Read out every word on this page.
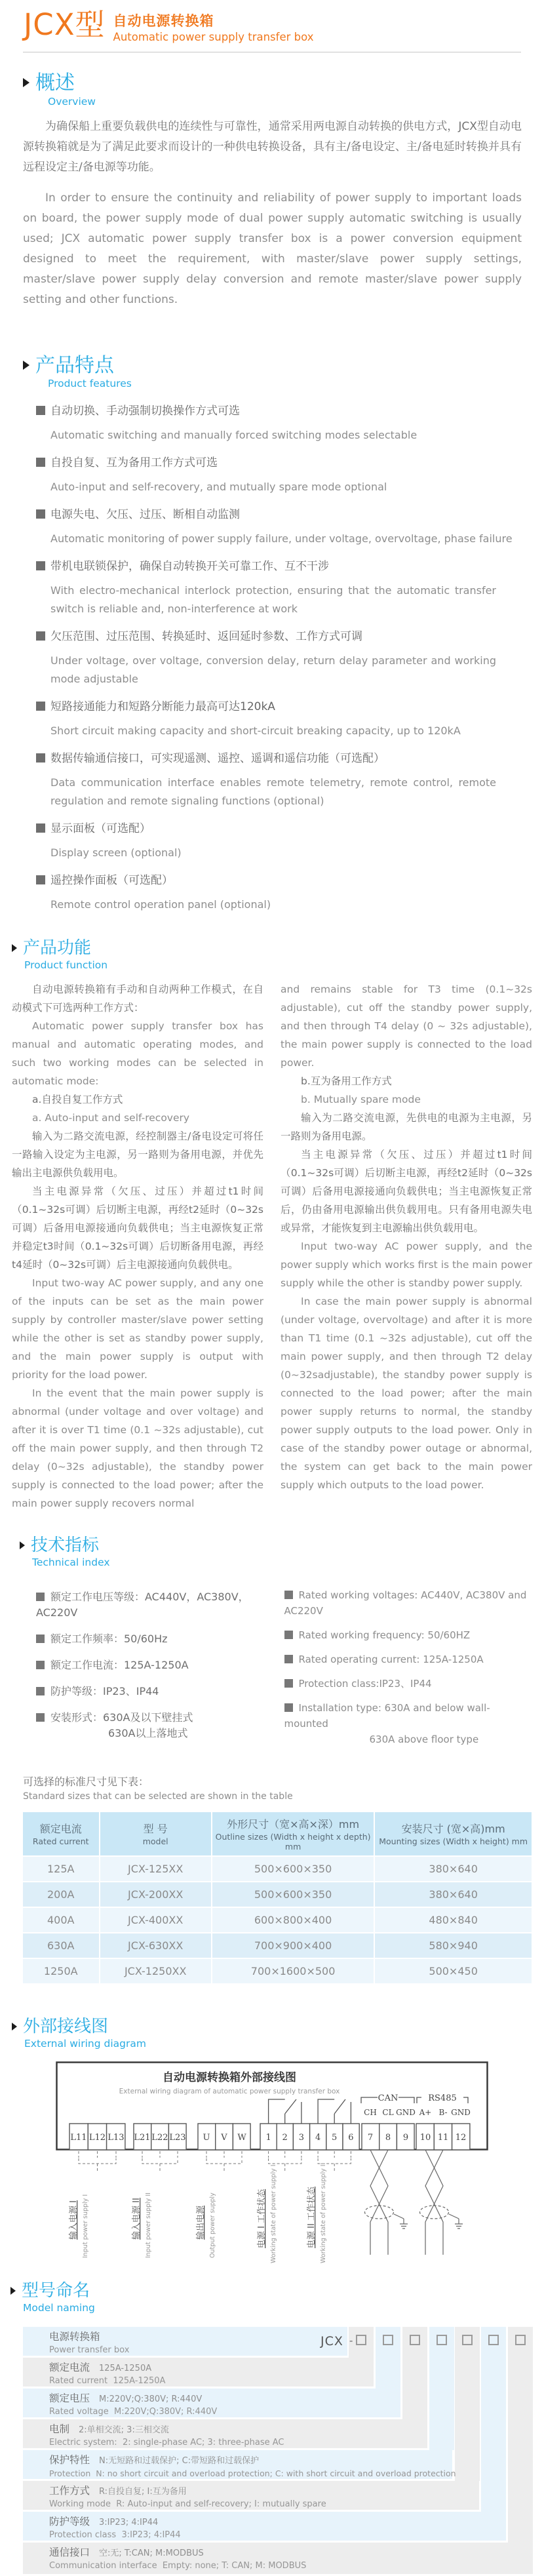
JCX型 自动电源转换箱
Automatic power supply transfer box
概述
Overview

为确保船上重要负载供电的连续性与可靠性，通常采用两电源自动转换的供电方式，JCX型自动电源转换箱就是为了满足此要求而设计的一种供电转换设备，具有主/备电设定、主/备电延时转换并具有远程设定主/备电源等功能。

In order to ensure the continuity and reliability of power supply to important loads on board, the power supply mode of dual power supply automatic switching is usually used; JCX automatic power supply transfer box is a power conversion equipment designed to meet the requirement, with master/slave power supply settings, master/slave power supply delay conversion and remote master/slave power supply setting and other functions.

产品特点
Product features
自动切换、手动强制切换操作方式可选
Automatic switching and manually forced switching modes selectable
自投自复、互为备用工作方式可选
Auto-input and self-recovery, and mutually spare mode optional
电源失电、欠压、过压、断相自动监测
Automatic monitoring of power supply failure, under voltage, overvoltage, phase failure
带机电联锁保护，确保自动转换开关可靠工作、互不干涉
With electro-mechanical interlock protection, ensuring that the automatic transfer switch is reliable and, non-interference at work
欠压范围、过压范围、转换延时、返回延时参数、工作方式可调
Under voltage, over voltage, conversion delay, return delay parameter and working mode adjustable
短路接通能力和短路分断能力最高可达120kA
Short circuit making capacity and short-circuit breaking capacity, up to 120kA
数据传输通信接口，可实现遥测、遥控、遥调和遥信功能（可选配）
Data communication interface enables remote telemetry, remote control, remote regulation and remote signaling functions (optional)
显示面板（可选配）
Display screen (optional)
遥控操作面板（可选配）
Remote control operation panel (optional)
产品功能
Product function

自动电源转换箱有手动和自动两种工作模式，在自动模式下可选两种工作方式：

Automatic power supply transfer box has manual and automatic operating modes, and such two working modes can be selected in automatic mode:

a.自投自复工作方式

a. Auto-input and self-recovery

输入为二路交流电源，经控制器主/备电设定可将任一路输入设定为主电源，另一路则为备用电源，并优先输出主电源供负载用电。

当主电源异常（欠压、过压）并超过t1时间（0.1~32s可调）后切断主电源，再经t2延时（0~32s可调）后备用电源接通向负载供电；当主电源恢复正常并稳定t3时间（0.1~32s可调）后切断备用电源，再经t4延时（0~32s可调）后主电源接通向负载供电。

Input two-way AC power supply, and any one of the inputs can be set as the main power supply by controller master/slave power setting while the other is set as standby power supply, and the main power supply is output with priority for the load power.

In the event that the main power supply is abnormal (under voltage and over voltage) and after it is over T1 time (0.1 ~32s adjustable), cut off the main power supply, and then through T2 delay (0~32s adjustable), the standby power supply is connected to the load power; after the main power supply recovers normal

and remains stable for T3 time (0.1~32s adjustable), cut off the standby power supply, and then through T4 delay (0 ~ 32s adjustable), the main power supply is connected to the load power.

b.互为备用工作方式

b. Mutually spare mode

输入为二路交流电源，先供电的电源为主电源，另一路则为备用电源。

当主电源异常（欠压、过压）并超过t1时间（0.1~32s可调）后切断主电源，再经t2延时（0~32s可调）后备用电源接通向负载供电；当主电源恢复正常后，仍由备用电源输出供负载用电。只有备用电源失电或异常，才能恢复到主电源输出供负载用电。

Input two-way AC power supply, and the power supply which works first is the main power supply while the other is standby power supply.

In case the main power supply is abnormal (under voltage, overvoltage) and after it is more than T1 time (0.1 ~32s adjustable), cut off the main power supply, and then through T2 delay (0~32sadjustable), the standby power supply is connected to the load power; after the main power supply returns to normal, the standby power supply outputs to the load power. Only in case of the standby power outage or abnormal, the system can get back to the main power supply which outputs to the load power.

技术指标
Technical index
额定工作电压等级：AC440V，AC380V，AC220V
额定工作频率：50/60Hz
额定工作电流：125A-1250A
防护等级：IP23、IP44
安装形式：630A及以下壁挂式
630A以上落地式
Rated working voltages: AC440V, AC380V and AC220V
Rated working frequency: 50/60HZ
Rated operating current: 125A-1250A
Protection class:IP23、IP44
Installation type: 630A and below wall-mounted
630A above floor type
可选择的标准尺寸见下表：
Standard sizes that can be selected are shown in the table
额定电流
Rated current

型 号
model

外形尺寸（宽×高×深）mm
Outline sizes (Width x height x depth) mm

安装尺寸 (宽×高)mm
Mounting sizes (Width x height) mm

125A	JCX-125XX	500×600×350	380×640
200A	JCX-200XX	500×600×350	380×640
400A	JCX-400XX	600×800×400	480×840
630A	JCX-630XX	700×900×400	580×940
1250A	JCX-1250XX	700×1600×500	500×450
外部接线图
External wiring diagram
自动电源转换箱外部接线图
External wiring diagram of automatic power supply transfer box
CAN	RS485
CH CL GND A+ B- GND
L11 L12 L13 L21 L22 L23 U V W 1 2 3 4 5 6 7 8 9 10 11 12
输入电源 I Input power supply I	输入电源 II Input power supply II	输出电源 Output power supply	电源 I 工作状态 Working state of power supply I	电源 II 工作状态 Working state of power supply II
型号命名
Model naming
-
电源转换箱
Power transfer box
额定电流 125A-1250A
Rated current 125A-1250A
额定电压 M:220V;Q:380V; R:440V
Rated voltage M:220V;Q:380V; R:440V
电制 2:单相交流; 3:三相交流
Electric system: 2: single-phase AC; 3: three-phase AC
保护特性 N:无短路和过载保护; C:带短路和过载保护
Protection N: no short circuit and overload protection; C: with short circuit and overload protection
工作方式 R:自投自复; I:互为备用
Working mode R: Auto-input and self-recovery; I: mutually spare
防护等级 3:IP23; 4:IP44
Protection class 3:IP23; 4:IP44
通信接口 空:无; T:CAN; M:MODBUS
Communication interface Empty: none; T: CAN; M: MODBUS
JCX
